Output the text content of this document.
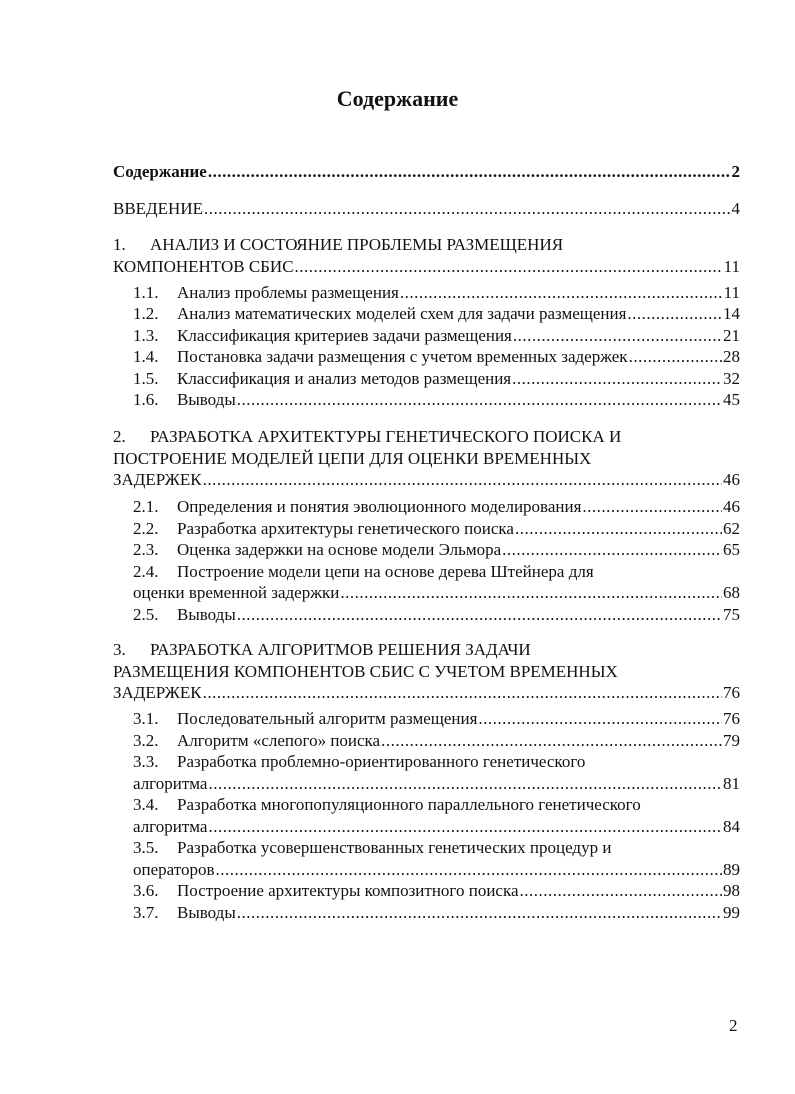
Содержание
Содержание .....	2
ВВЕДЕНИЕ .....	4
1.	АНАЛИЗ И СОСТОЯНИЕ ПРОБЛЕМЫ РАЗМЕЩЕНИЯ
КОМПОНЕНТОВ СБИС .....	11
1.1.	Анализ проблемы размещения .....	11
1.2.	Анализ математических моделей схем для задачи размещения .....	14
1.3.	Классификация критериев задачи размещения .....	21
1.4.	Постановка задачи размещения с учетом временных задержек .....	28
1.5.	Классификация и анализ методов размещения .....	32
1.6.	Выводы .....	45
2.	РАЗРАБОТКА АРХИТЕКТУРЫ ГЕНЕТИЧЕСКОГО ПОИСКА И
ПОСТРОЕНИЕ МОДЕЛЕЙ ЦЕПИ ДЛЯ ОЦЕНКИ ВРЕМЕННЫХ
ЗАДЕРЖЕК .....	46
2.1.	Определения и понятия эволюционного моделирования .....	46
2.2.	Разработка архитектуры генетического поиска .....	62
2.3.	Оценка задержки на основе модели Эльмора .....	65
2.4.	Построение модели цепи на основе дерева Штейнера для
оценки временной задержки .....	68
2.5.	Выводы .....	75
3.	РАЗРАБОТКА АЛГОРИТМОВ РЕШЕНИЯ ЗАДАЧИ
РАЗМЕЩЕНИЯ КОМПОНЕНТОВ СБИС С УЧЕТОМ ВРЕМЕННЫХ
ЗАДЕРЖЕК .....	76
3.1.	Последовательный алгоритм размещения .....	76
3.2.	Алгоритм «слепого» поиска .....	79
3.3.	Разработка проблемно-ориентированного генетического
алгоритма .....	81
3.4.	Разработка многопопуляционного параллельного генетического
алгоритма .....	84
3.5.	Разработка усовершенствованных генетических процедур и
операторов .....	89
3.6.	Построение архитектуры композитного поиска .....	98
3.7.	Выводы .....	99
2
